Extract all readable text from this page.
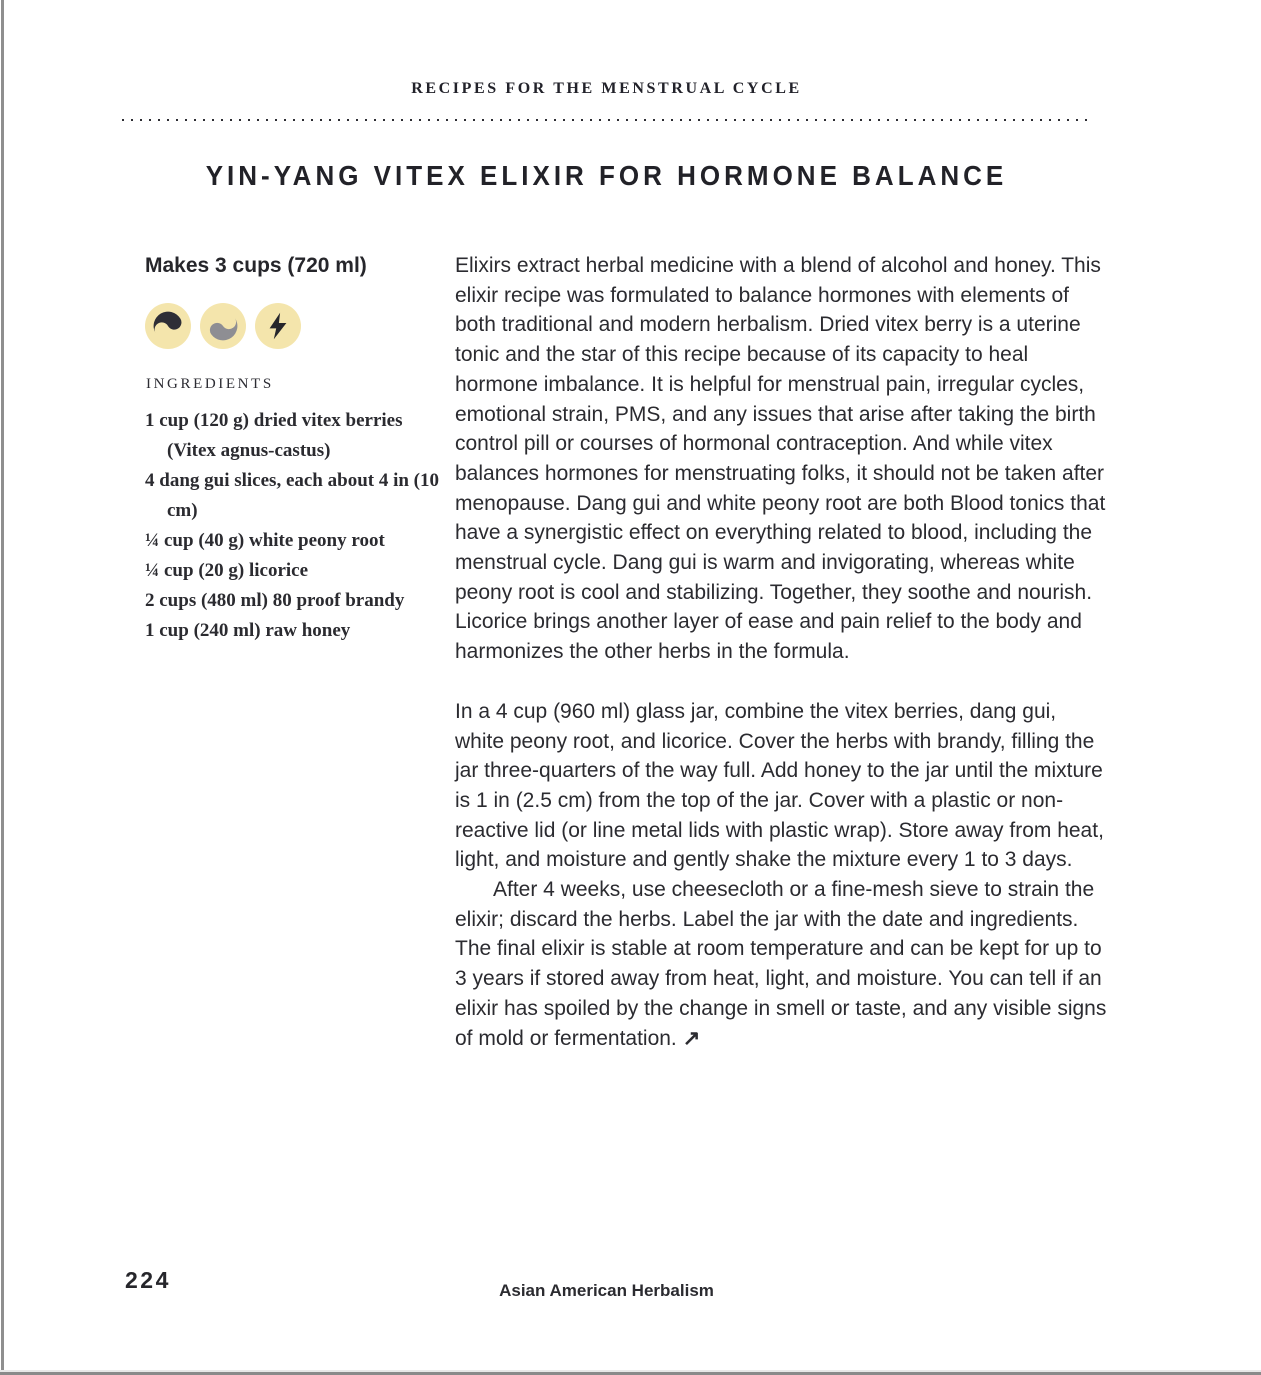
RECIPES FOR THE MENSTRUAL CYCLE
YIN-YANG VITEX ELIXIR FOR HORMONE BALANCE
Makes 3 cups (720 ml)
INGREDIENTS
1 cup (120 g) dried vitex berries (Vitex agnus-castus)
4 dang gui slices, each about 4 in (10 cm)
¼ cup (40 g) white peony root
¼ cup (20 g) licorice
2 cups (480 ml) 80 proof brandy
1 cup (240 ml) raw honey

Elixirs extract herbal medicine with a blend of alcohol and honey. This elixir recipe was formulated to balance hormones with elements of both traditional and modern herbalism. Dried vitex berry is a uterine tonic and the star of this recipe because of its capacity to heal hormone imbalance. It is helpful for menstrual pain, irregular cycles, emotional strain, PMS, and any issues that arise after taking the birth control pill or courses of hormonal contraception. And while vitex balances hormones for menstruating folks, it should not be taken after menopause. Dang gui and white peony root are both Blood tonics that have a synergistic effect on everything related to blood, including the menstrual cycle. Dang gui is warm and invigorating, whereas white peony root is cool and stabilizing. Together, they soothe and nourish. Licorice brings another layer of ease and pain relief to the body and harmonizes the other herbs in the formula.

In a 4 cup (960 ml) glass jar, combine the vitex berries, dang gui, white peony root, and licorice. Cover the herbs with brandy, filling the jar three-quarters of the way full. Add honey to the jar until the mixture is 1 in (2.5 cm) from the top of the jar. Cover with a plastic or non-reactive lid (or line metal lids with plastic wrap). Store away from heat, light, and moisture and gently shake the mixture every 1 to 3 days.

After 4 weeks, use cheesecloth or a fine-mesh sieve to strain the elixir; discard the herbs. Label the jar with the date and ingredients. The final elixir is stable at room temperature and can be kept for up to 3 years if stored away from heat, light, and moisture. You can tell if an elixir has spoiled by the change in smell or taste, and any visible signs of mold or fermentation. ↗

224	Asian American Herbalism
